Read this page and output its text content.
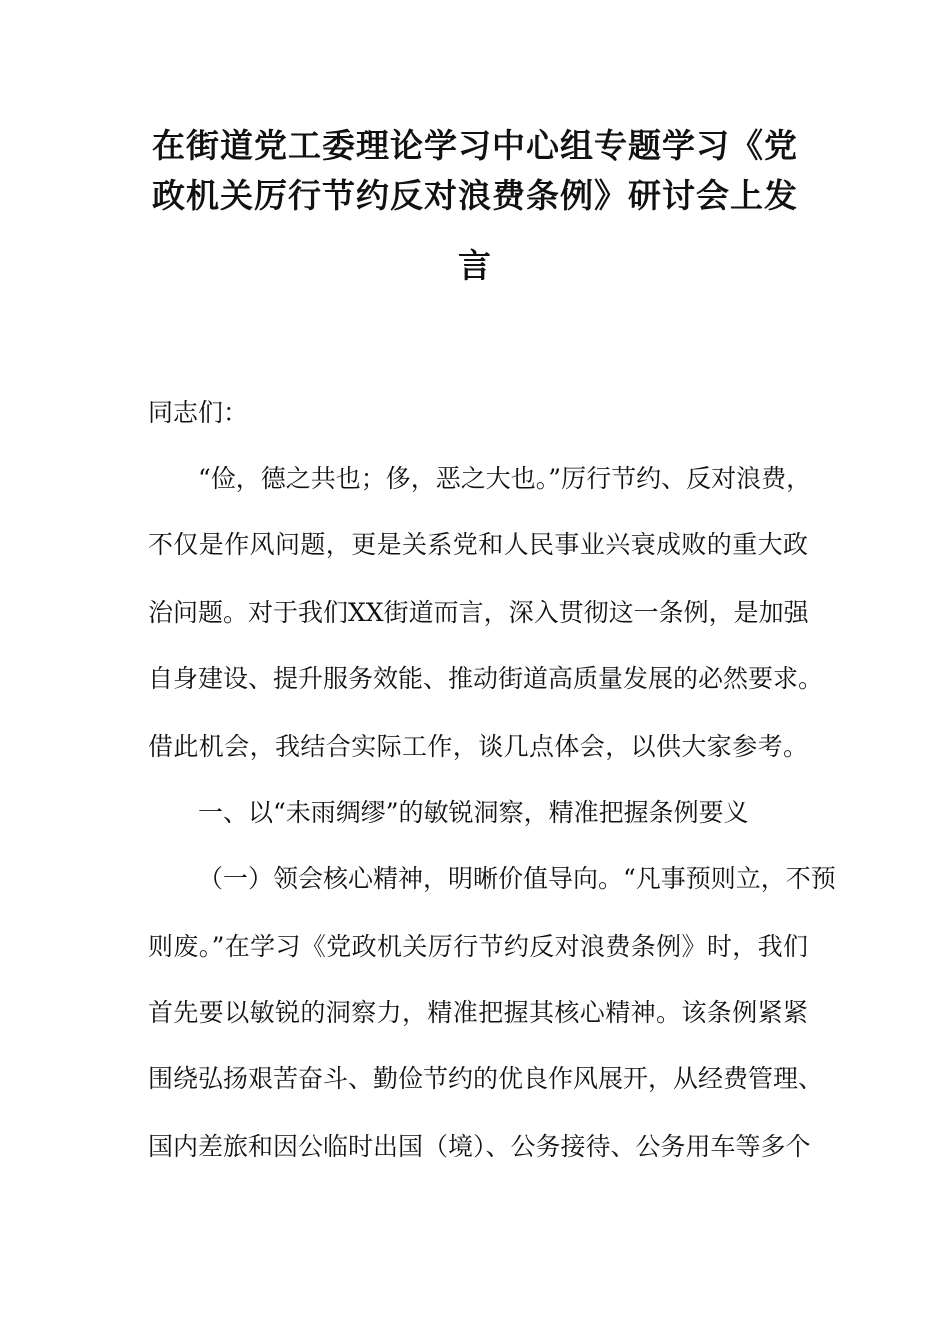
在街道党工委理论学习中心组专题学习《党
政机关厉行节约反对浪费条例》研讨会上发
言
同志们：
“俭，德之共也；侈，恶之大也。”厉行节约、反对浪费，
不仅是作风问题，更是关系党和人民事业兴衰成败的重大政
治问题。对于我们XX街道而言，深入贯彻这一条例，是加强
自身建设、提升服务效能、推动街道高质量发展的必然要求。
借此机会，我结合实际工作，谈几点体会，以供大家参考。
一、以“未雨绸缪”的敏锐洞察，精准把握条例要义
（一）领会核心精神，明晰价值导向。“凡事预则立，不预
则废。”在学习《党政机关厉行节约反对浪费条例》时，我们
首先要以敏锐的洞察力，精准把握其核心精神。该条例紧紧
围绕弘扬艰苦奋斗、勤俭节约的优良作风展开，从经费管理、
国内差旅和因公临时出国（境）、公务接待、公务用车等多个
